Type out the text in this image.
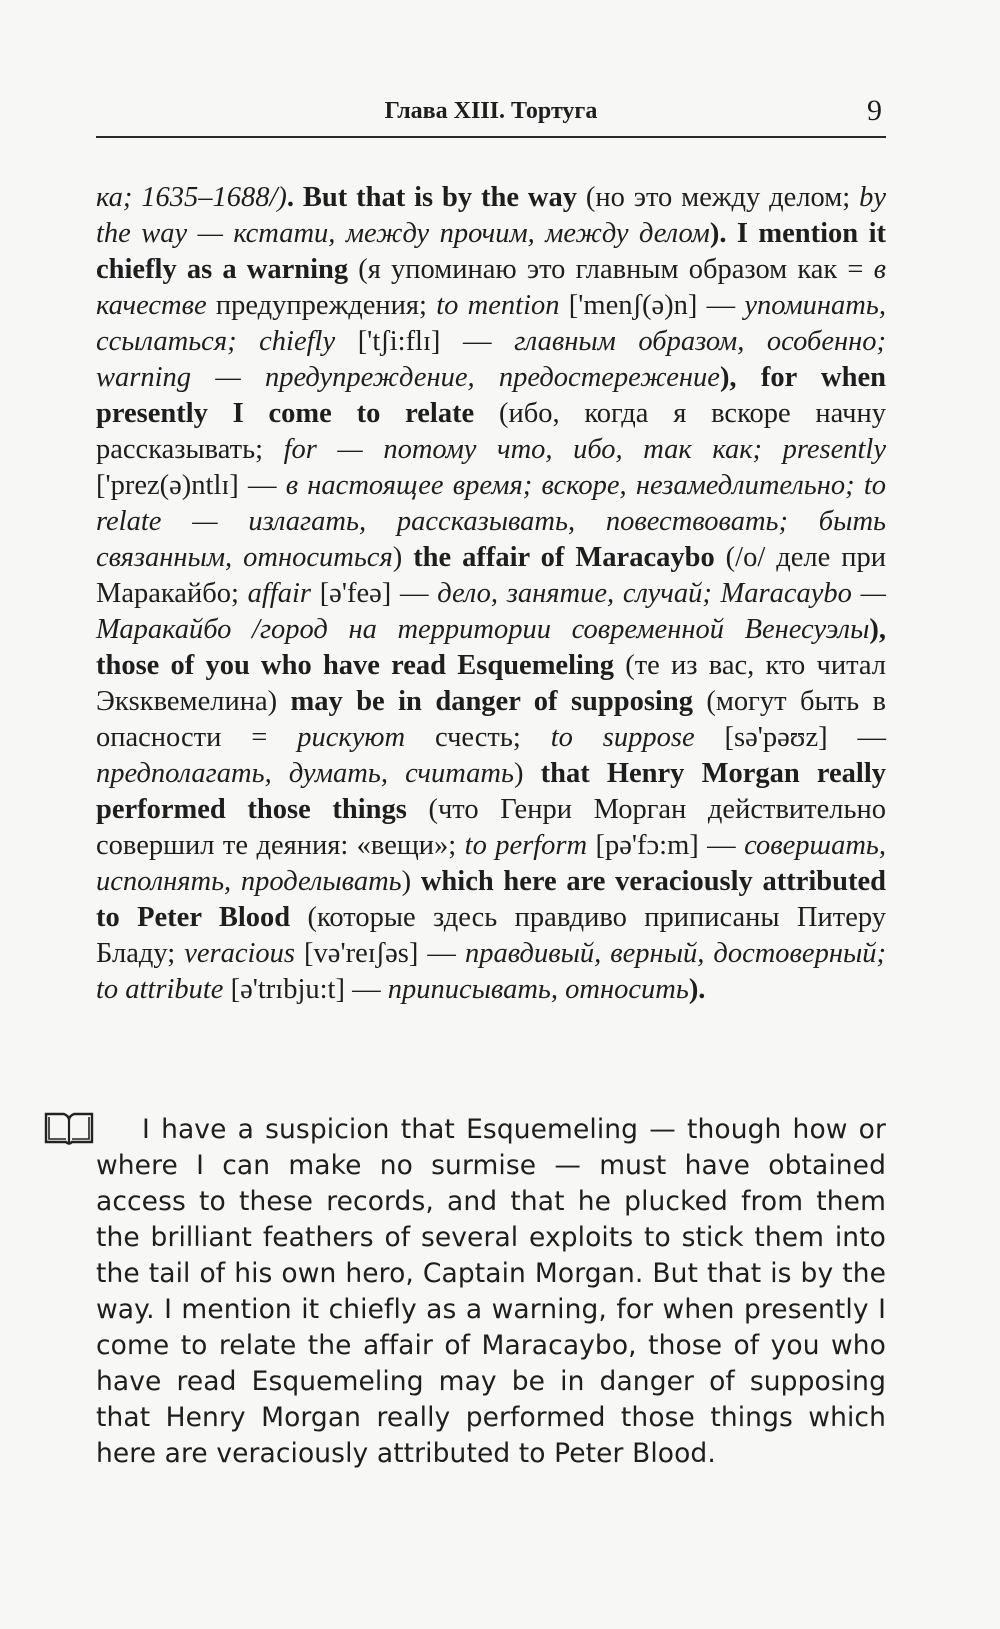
Глава XIII. Тортуга	9
ка; 1635–1688/). But that is by the way (но это между делом; by the way — кстати, между прочим, между делом). I mention it chiefly as a warning (я упоминаю это главным образом как = в качестве предупреждения; to mention ['menʃ(ə)n] — упоминать, ссылаться; chiefly ['tʃi:flɪ] — главным образом, особенно; warning — предупреждение, предостережение), for when presently I come to relate (ибо, когда я вскоре начну рассказывать; for — потому что, ибо, так как; presently ['prez(ə)ntlɪ] — в настоящее время; вскоре, незамедлительно; to relate — излагать, рассказывать, повествовать; быть связанным, относиться) the affair of Maracaybo (/о/ деле при Маракайбо; affair [ə'feə] — дело, занятие, случай; Maracaybo — Маракайбо /город на территории современной Венесуэлы), those of you who have read Esquemeling (те из вас, кто читал Экsквемелина) may be in danger of supposing (могут быть в опасности = рискуют счесть; to suppose [sə'pəʊz] — предполагать, думать, считать) that Henry Morgan really performed those things (что Генри Морган действительно совершил те деяния: «вещи»; to perform [pə'fɔ:m] — совершать, исполнять, проделывать) which here are veraciously attributed to Peter Blood (которые здесь правдиво приписаны Питеру Бладу; veracious [və'reɪʃəs] — правдивый, верный, достоверный; to attribute [ə'trɪbju:t] — приписывать, относить).
I have a suspicion that Esquemeling — though how or where I can make no surmise — must have obtained access to these records, and that he plucked from them the brilliant feathers of several exploits to stick them into the tail of his own hero, Captain Morgan. But that is by the way. I mention it chiefly as a warning, for when presently I come to relate the affair of Maracaybo, those of you who have read Esquemeling may be in danger of supposing that Henry Morgan really performed those things which here are veraciously attributed to Peter Blood.
